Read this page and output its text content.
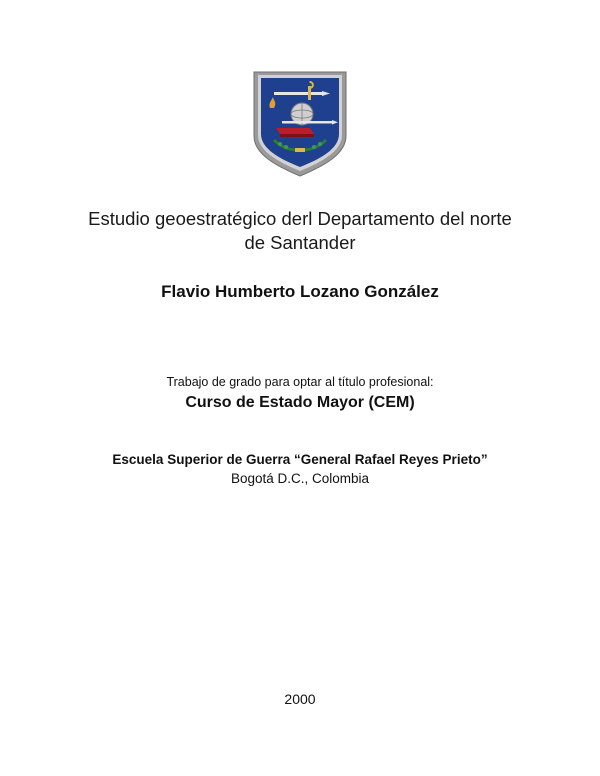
Estudio geoestratégico derl Departamento del norte
de Santander
Flavio Humberto Lozano González
Trabajo de grado para optar al título profesional:
Curso de Estado Mayor (CEM)
Escuela Superior de Guerra “General Rafael Reyes Prieto”
Bogotá D.C., Colombia
2000
